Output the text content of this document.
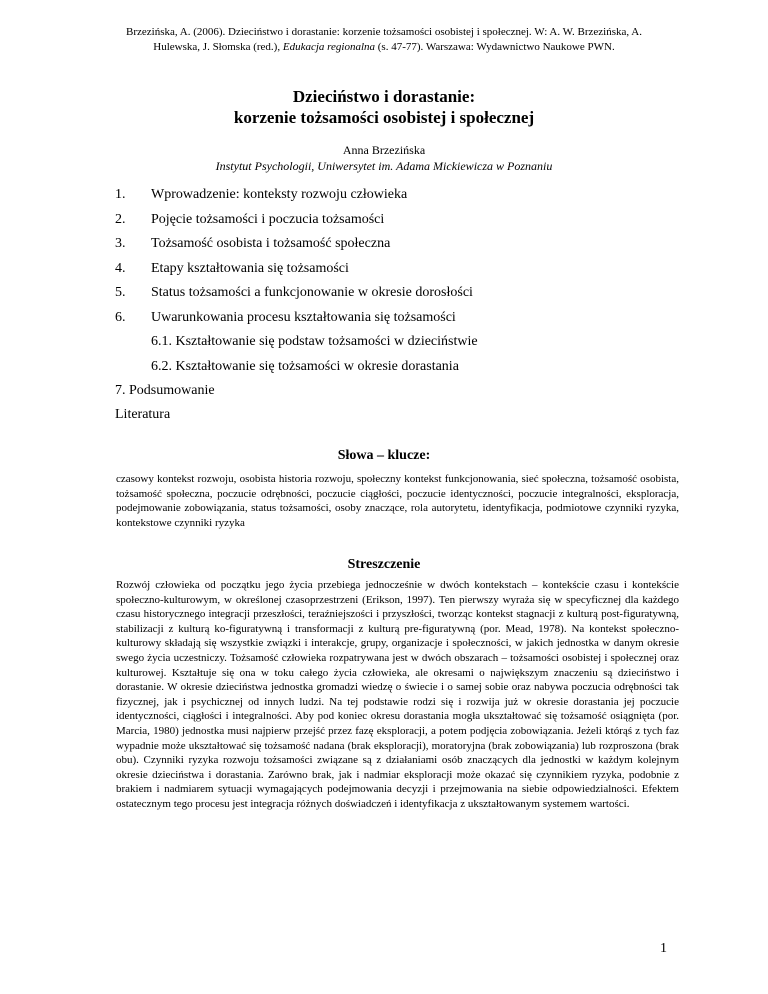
Brzezińska, A. (2006). Dzieciństwo i dorastanie: korzenie tożsamości osobistej i społecznej. W: A. W. Brzezińska, A.
Hulewska, J. Słomska (red.), Edukacja regionalna (s. 47-77). Warszawa: Wydawnictwo Naukowe PWN.
Dzieciństwo i dorastanie:
korzenie tożsamości osobistej i społecznej
Anna Brzezińska
Instytut Psychologii, Uniwersytet im. Adama Mickiewicza w Poznaniu
1. Wprowadzenie: konteksty rozwoju człowieka
2. Pojęcie tożsamości i poczucia tożsamości
3. Tożsamość osobista i tożsamość społeczna
4. Etapy kształtowania się tożsamości
5. Status tożsamości a funkcjonowanie w okresie dorosłości
6. Uwarunkowania procesu kształtowania się tożsamości
6.1. Kształtowanie się podstaw tożsamości w dzieciństwie
6.2. Kształtowanie się tożsamości w okresie dorastania
7. Podsumowanie
Literatura
Słowa – klucze:
czasowy kontekst rozwoju, osobista historia rozwoju, społeczny kontekst funkcjonowania, sieć społeczna, tożsamość osobista, tożsamość społeczna, poczucie odrębności, poczucie ciągłości, poczucie identyczności, poczucie integralności, eksploracja, podejmowanie zobowiązania, status tożsamości, osoby znaczące, rola autorytetu, identyfikacja, podmiotowe czynniki ryzyka, kontekstowe czynniki ryzyka
Streszczenie
Rozwój człowieka od początku jego życia przebiega jednocześnie w dwóch kontekstach – kontekście czasu i kontekście społeczno-kulturowym, w określonej czasoprzestrzeni (Erikson, 1997). Ten pierwszy wyraża się w specyficznej dla każdego czasu historycznego integracji przeszłości, teraźniejszości i przyszłości, tworząc kontekst stagnacji z kulturą post-figuratywną, stabilizacji z kulturą ko-figuratywną i transformacji z kulturą pre-figuratywną (por. Mead, 1978). Na kontekst społeczno-kulturowy składają się wszystkie związki i interakcje, grupy, organizacje i społeczności, w jakich jednostka w danym okresie swego życia uczestniczy. Tożsamość człowieka rozpatrywana jest w dwóch obszarach – tożsamości osobistej i społecznej oraz kulturowej. Kształtuje się ona w toku całego życia człowieka, ale okresami o największym znaczeniu są dzieciństwo i dorastanie. W okresie dzieciństwa jednostka gromadzi wiedzę o świecie i o samej sobie oraz nabywa poczucia odrębności tak fizycznej, jak i psychicznej od innych ludzi. Na tej podstawie rodzi się i rozwija już w okresie dorastania jej poczucie identyczności, ciągłości i integralności. Aby pod koniec okresu dorastania mogła ukształtować się tożsamość osiągnięta (por. Marcia, 1980) jednostka musi najpierw przejść przez fazę eksploracji, a potem podjęcia zobowiązania. Jeżeli którąś z tych faz wypadnie może ukształtować się tożsamość nadana (brak eksploracji), moratoryjna (brak zobowiązania) lub rozproszona (brak obu). Czynniki ryzyka rozwoju tożsamości związane są z działaniami osób znaczących dla jednostki w każdym kolejnym okresie dzieciństwa i dorastania. Zarówno brak, jak i nadmiar eksploracji może okazać się czynnikiem ryzyka, podobnie z brakiem i nadmiarem sytuacji wymagających podejmowania decyzji i przejmowania na siebie odpowiedzialności. Efektem ostatecznym tego procesu jest integracja różnych doświadczeń i identyfikacja z ukształtowanym systemem wartości.
1
